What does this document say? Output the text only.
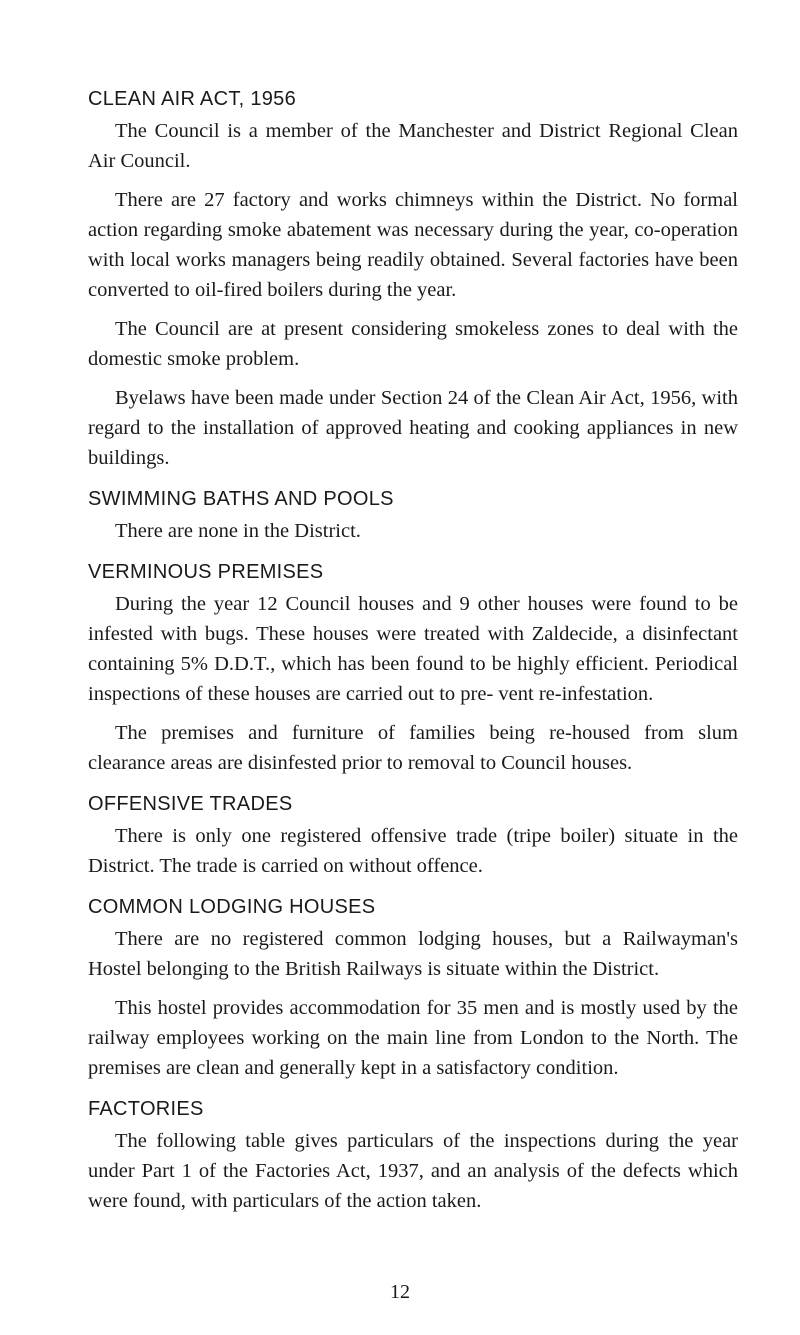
CLEAN AIR ACT, 1956

The Council is a member of the Manchester and District Regional Clean Air Council.

There are 27 factory and works chimneys within the District. No formal action regarding smoke abatement was necessary during the year, co-operation with local works managers being readily obtained. Several factories have been converted to oil-fired boilers during the year.

The Council are at present considering smokeless zones to deal with the domestic smoke problem.

Byelaws have been made under Section 24 of the Clean Air Act, 1956, with regard to the installation of approved heating and cooking appliances in new buildings.

SWIMMING BATHS AND POOLS

There are none in the District.

VERMINOUS PREMISES

During the year 12 Council houses and 9 other houses were found to be infested with bugs. These houses were treated with Zaldecide, a disinfectant containing 5% D.D.T., which has been found to be highly efficient. Periodical inspections of these houses are carried out to pre- vent re-infestation.

The premises and furniture of families being re-housed from slum clearance areas are disinfested prior to removal to Council houses.

OFFENSIVE TRADES

There is only one registered offensive trade (tripe boiler) situate in the District. The trade is carried on without offence.

COMMON LODGING HOUSES

There are no registered common lodging houses, but a Railwayman's Hostel belonging to the British Railways is situate within the District.

This hostel provides accommodation for 35 men and is mostly used by the railway employees working on the main line from London to the North. The premises are clean and generally kept in a satisfactory condition.

FACTORIES

The following table gives particulars of the inspections during the year under Part 1 of the Factories Act, 1937, and an analysis of the defects which were found, with particulars of the action taken.

12
